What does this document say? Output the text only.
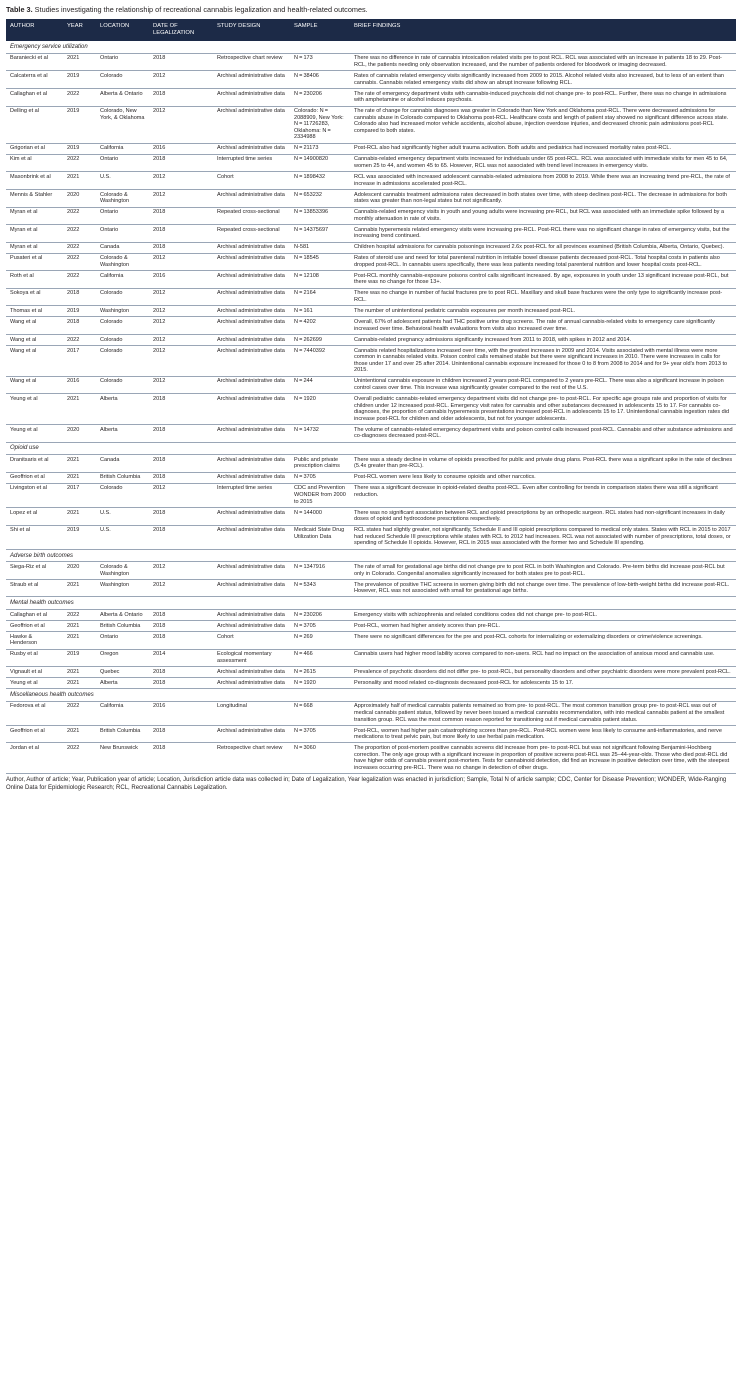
Table 3. Studies investigating the relationship of recreational cannabis legalization and health-related outcomes.
AUTHOR	YEAR	LOCATION	DATE OF LEGALIZATION	STUDY DESIGN	SAMPLE	BRIEF FINDINGS
Emergency service utilization						
Baraniecki et al	2021	Ontario	2018	Retrospective chart review	N = 173	There was no difference in rate of cannabis intoxication related visits pre to post RCL. RCL was associated with an increase in patients 18 to 29. Post-RCL, the patients needing only observation increased, and the number of patients ordered for bloodwork or imaging decreased.
Calcaterra et al	2019	Colorado	2012	Archival administrative data	N = 38406	Rates of cannabis related emergency visits significantly increased from 2009 to 2015. Alcohol related visits also increased, but to less of an extent than cannabis. Cannabis related emergency visits did show an abrupt increase following RCL.
Callaghan et al	2022	Alberta & Ontario	2018	Archival administrative data	N = 230206	The rate of emergency department visits with cannabis-induced psychosis did not change pre- to post-RCL. Further, there was no change in admissions with amphetamine or alcohol induces psychosis.
Delling et al	2019	Colorado, New York, & Oklahoma	2012	Archival administrative data	Colorado: N = 2088909, New York: N = 11726283, Oklahoma: N = 2334988	The rate of change for cannabis diagnoses was greater in Colorado than New York and Oklahoma post-RCL. There were decreased admissions for cannabis abuse in Colorado compared to Oklahoma post-RCL. Healthcare costs and length of patient stay showed no significant difference across state. Colorado also had increased motor vehicle accidents, alcohol abuse, injection overdose injuries, and decreased chronic pain admissions post-RCL compared to both states.
Grigorian et al	2019	California	2016	Archival administrative data	N = 21173	Post-RCL also had significantly higher adult trauma activation. Both adults and pediatrics had increased mortality rates post-RCL.
Kim et al	2022	Ontario	2018	Interrupted time series	N = 14900820	Cannabis-related emergency department visits increased for individuals under 65 post-RCL. RCL was associated with immediate visits for men 45 to 64, women 25 to 44, and women 45 to 65. However, RCL was not associated with trend level increases in emergency visits.
Masonbrink et al	2021	U.S.	2012	Cohort	N = 1898432	RCL was associated with increased adolescent cannabis-related admissions from 2008 to 2019. While there was an increasing trend pre-RCL, the rate of increase in admissions accelerated post-RCL.
Mennis & Stahler	2020	Colorado & Washington	2012	Archival administrative data	N = 653232	Adolescent cannabis treatment admissions rates decreased in both states over time, with steep declines post-RCL. The decrease in admissions for both states was greater than non-legal states but not significantly.
Myran et al	2022	Ontario	2018	Repeated cross-sectional	N = 13853396	Cannabis-related emergency visits in youth and young adults were increasing pre-RCL, but RCL was associated with an immediate spike followed by a monthly attenuation in rate of visits.
Myran et al	2022	Ontario	2018	Repeated cross-sectional	N = 14375697	Cannabis hyperemesis related emergency visits were increasing pre-RCL. Post-RCL there was no significant change in rates of emergency visits, but the increasing trend continued.
Myran et al	2022	Canada	2018	Archival administrative data	N-581	Children hospital admissions for cannabis poisonings increased 2.6x post-RCL for all provinces examined (British Columbia, Alberta, Ontario, Quebec).
Pusateri et al	2022	Colorado & Washington	2012	Archival administrative data	N = 18545	Rates of steroid use and need for total parenteral nutrition in irritable bowel disease patients decreased post-RCL. Total hospital costs in patients also dropped post-RCL. In cannabis users specifically, there was less patients needing total parenteral nutrition and lower hospital costs post-RCL.
Roth et al	2022	California	2016	Archival administrative data	N = 12108	Post-RCL monthly cannabis-exposure poisons control calls significant increased. By age, exposures in youth under 13 significant increase post-RCL, but there was no change for those 13+.
Sokoya et al	2018	Colorado	2012	Archival administrative data	N = 2164	There was no change in number of facial fractures pre to post RCL. Maxillary and skull base fractures were the only type to significantly increase post-RCL.
Thomas et al	2019	Washington	2012	Archival administrative data	N = 161	The number of unintentional pediatric cannabis exposures per month increased post-RCL.
Wang et al	2018	Colorado	2012	Archival administrative data	N = 4202	Overall, 67% of adolescent patients had THC positive urine drug screens. The rate of annual cannabis-related visits to emergency care significantly increased over time. Behavioral health evaluations from visits also increased over time.
Wang et al	2022	Colorado	2012	Archival administrative data	N = 262699	Cannabis-related pregnancy admissions significantly increased from 2011 to 2018, with spikes in 2012 and 2014.
Wang et al	2017	Colorado	2012	Archival administrative data	N = 7440392	Cannabis related hospitalizations increased over time, with the greatest increases in 2009 and 2014. Visits associated with mental illness were more common in cannabis related visits. Poison control calls remained stable but there were significant increases in 2010. There were increases in calls for those under 17 and over 25 after 2014. Unintentional cannabis exposure increased for those 0 to 8 from 2008 to 2014 and for 9+ year old's from 2013 to 2015.
Wang et al	2016	Colorado	2012	Archival administrative data	N = 244	Unintentional cannabis exposure in children increased 2 years post-RCL compared to 2 years pre-RCL. There was also a significant increase in poison control cases over time. This increase was significantly greater compared to the rest of the U.S.
Yeung et al	2021	Alberta	2018	Archival administrative data	N = 1920	Overall pediatric cannabis-related emergency department visits did not change pre- to post-RCL. For specific age groups rate and proportion of visits for children under 12 increased post-RCL. Emergency visit rates for cannabis and other substances decreased in adolescents 15 to 17. For cannabis co-diagnoses, the proportion of cannabis hyperemesis presentations increased post-RCL in adolescents 15 to 17. Unintentional cannabis ingestion rates did increase post-RCL for children and older adolescents, but not for younger adolescents.
Yeung et al	2020	Alberta	2018	Archival administrative data	N = 14732	The volume of cannabis-related emergency department visits and poison control calls increased post-RCL. Cannabis and other substance admissions and co-diagnoses decreased post-RCL.
Opioid use						
Dranitsaris et al	2021	Canada	2018	Archival administrative data	Public and private prescription claims	There was a steady decline in volume of opioids prescribed for public and private drug plans. Post-RCL there was a significant spike in the rate of declines (5.4x greater than pre-RCL).
Geoffrion et al	2021	British Columbia	2018	Archival administrative data	N = 3705	Post-RCL women were less likely to consume opioids and other narcotics.
Livingston et al	2017	Colorado	2012	Interrupted time series	CDC and Prevention WONDER from 2000 to 2015	There was a significant decrease in opioid-related deaths post-RCL. Even after controlling for trends in comparison states there was still a significant reduction.
Lopez et al	2021	U.S.	2018	Archival administrative data	N = 144000	There was no significant association between RCL and opioid prescriptions by an orthopedic surgeon. RCL states had non-significant increases in daily doses of opioid and hydrocodone prescriptions respectively.
Shi et al	2019	U.S.	2018	Archival administrative data	Medicaid State Drug Utilization Data	RCL states had slightly greater, not significantly, Schedule II and III opioid prescriptions compared to medical only states. States with RCL in 2015 to 2017 had reduced Schedule III prescriptions while states with RCL to 2012 had increases. RCL was not associated with number of prescriptions, total doses, or spending of Schedule II opioids. However, RCL in 2015 was associated with the former two and Schedule III spending.
Adverse birth outcomes						
Siega-Riz et al	2020	Colorado & Washington	2012	Archival administrative data	N = 1347916	The rate of small for gestational age births did not change pre to post RCL in both Washington and Colorado. Pre-term births did increase post-RCL but only in Colorado. Congenital anomalies significantly increased for both states pre to post-RCL.
Straub et al	2021	Washington	2012	Archival administrative data	N = 5343	The prevalence of positive THC screens in women giving birth did not change over time. The prevalence of low-birth-weight births did increase post-RCL. However, RCL was not associated with small for gestational age births.
Mental health outcomes						
Callaghan et al	2022	Alberta & Ontario	2018	Archival administrative data	N = 230206	Emergency visits with schizophrenia and related conditions codes did not change pre- to post-RCL.
Geoffrion et al	2021	British Columbia	2018	Archival administrative data	N = 3705	Post-RCL, women had higher anxiety scores than pre-RCL.
Hawke & Henderson	2021	Ontario	2018	Cohort	N = 269	There were no significant differences for the pre and post-RCL cohorts for internalizing or externalizing disorders or crime/violence screenings.
Rusby et al	2019	Oregon	2014	Ecological momentary assessment	N = 466	Cannabis users had higher mood lability scores compared to non-users. RCL had no impact on the association of anxious mood and cannabis use.
Vignault et al	2021	Quebec	2018	Archival administrative data	N = 2615	Prevalence of psychotic disorders did not differ pre- to post-RCL, but personality disorders and other psychiatric disorders were more prevalent post-RCL.
Yeung et al	2021	Alberta	2018	Archival administrative data	N = 1920	Personality and mood related co-diagnosis decreased post-RCL for adolescents 15 to 17.
Miscellaneous health outcomes						
Fedorova et al	2022	California	2016	Longitudinal	N = 668	Approximately half of medical cannabis patients remained so from pre- to post-RCL. The most common transition group pre- to post-RCL was out of medical cannabis patient status, followed by never been issued a medical cannabis recommendation, with into medical cannabis patient at the smallest transition group. RCL was the most common reason reported for transitioning out if medical cannabis patient status.
Geoffrion et al	2021	British Columbia	2018	Archival administrative data	N = 3705	Post-RCL, women had higher pain catastrophizing scores than pre-RCL. Post-RCL women were less likely to consume anti-inflammatories, and nerve medications to treat pelvic pain, but more likely to use herbal pain medication.
Jordan et al	2022	New Brunswick	2018	Retrospective chart review	N = 3060	The proportion of post-mortem positive cannabis screens did increase from pre- to post-RCL but was not significant following Benjamini-Hochberg correction. The only age group with a significant increase in proportion of positive screens post-RCL was 25–44-year-olds. Those who died post-RCL did have higher odds of cannabis present post-mortem. Tests for cannabinoid detection, did find an increase in positive detection over time, with the steepest increases occurring pre-RCL. There was no change in detection of other drugs.
Author, Author of article; Year, Publication year of article; Location, Jurisdiction article data was collected in; Date of Legalization, Year legalization was enacted in jurisdiction; Sample, Total N of article sample; CDC, Center for Disease Prevention; WONDER, Wide-Ranging Online Data for Epidemiologic Research; RCL, Recreational Cannabis Legalization.
